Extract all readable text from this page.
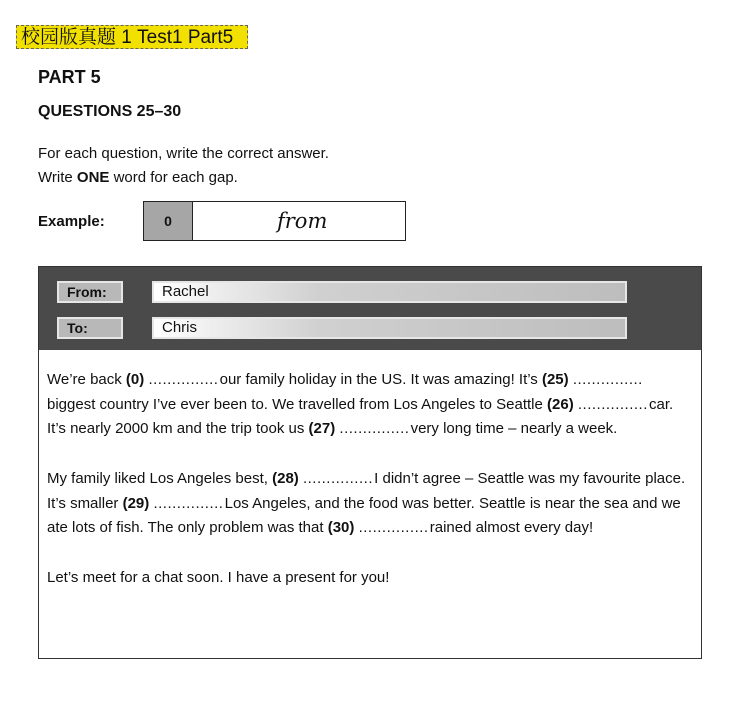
校园版真题 1 Test1 Part5
PART 5
QUESTIONS 25–30
For each question, write the correct answer.
Write ONE word for each gap.
Example:	0	from
From:	Rachel
To:	Chris

We’re back (0) .....	our family holiday in the US. It was amazing! It’s (25) ..... biggest country I’ve ever been to. We travelled from Los Angeles to Seattle (26) .....	car. It’s nearly 2000 km and the trip took us (27) .....	very long time – nearly a week.

My family liked Los Angeles best, (28) .....	I didn’t agree – Seattle was my favourite place. It’s smaller (29) .....	Los Angeles, and the food was better. Seattle is near the sea and we ate lots of fish. The only problem was that (30) .....	rained almost every day!

Let’s meet for a chat soon. I have a present for you!
